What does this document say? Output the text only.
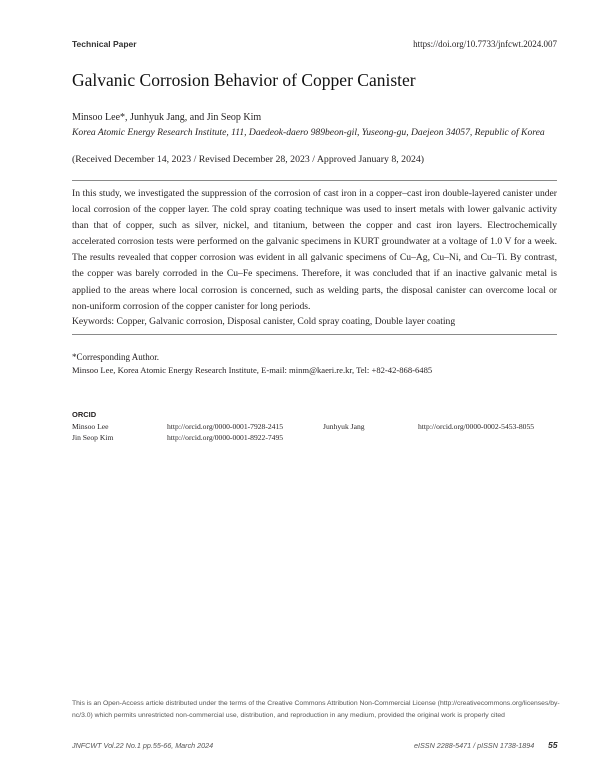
Technical Paper	https://doi.org/10.7733/jnfcwt.2024.007
Galvanic Corrosion Behavior of Copper Canister
Minsoo Lee*, Junhyuk Jang, and Jin Seop Kim
Korea Atomic Energy Research Institute, 111, Daedeok-daero 989beon-gil, Yuseong-gu, Daejeon 34057, Republic of Korea
(Received December 14, 2023 / Revised December 28, 2023 / Approved January 8, 2024)
In this study, we investigated the suppression of the corrosion of cast iron in a copper–cast iron double-layered canister under local corrosion of the copper layer. The cold spray coating technique was used to insert metals with lower galvanic activity than that of copper, such as silver, nickel, and titanium, between the copper and cast iron layers. Electrochemically accelerated corrosion tests were performed on the galvanic specimens in KURT groundwater at a voltage of 1.0 V for a week. The results revealed that copper corrosion was evident in all galvanic specimens of Cu–Ag, Cu–Ni, and Cu–Ti. By contrast, the copper was barely corroded in the Cu–Fe specimens. Therefore, it was concluded that if an inactive galvanic metal is applied to the areas where local corrosion is concerned, such as welding parts, the disposal canister can overcome local or non-uniform corrosion of the copper canister for long periods.
Keywords: Copper, Galvanic corrosion, Disposal canister, Cold spray coating, Double layer coating
*Corresponding Author.
Minsoo Lee, Korea Atomic Energy Research Institute, E-mail: minm@kaeri.re.kr, Tel: +82-42-868-6485
ORCID
Minsoo Lee	http://orcid.org/0000-0001-7928-2415	Junhyuk Jang	http://orcid.org/0000-0002-5453-8055
Jin Seop Kim	http://orcid.org/0000-0001-8922-7495
This is an Open-Access article distributed under the terms of the Creative Commons Attribution Non-Commercial License (http://creativecommons.org/licenses/by-nc/3.0) which permits unrestricted non-commercial use, distribution, and reproduction in any medium, provided the original work is properly cited
JNFCWT Vol.22 No.1 pp.55-66, March 2024	eISSN 2288-5471 / pISSN 1738-1894 55
